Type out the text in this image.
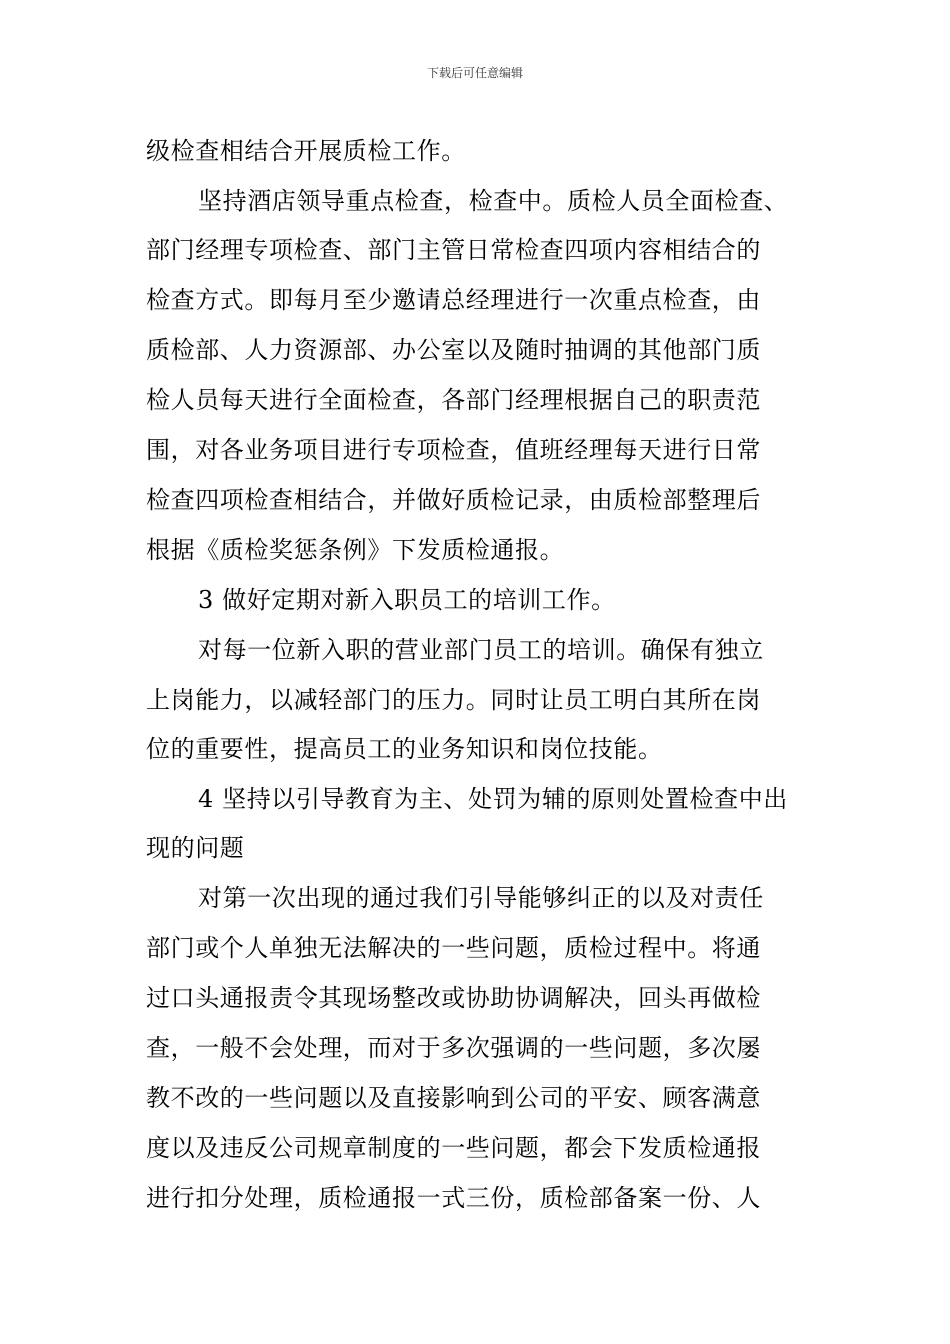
下载后可任意编辑
级检查相结合开展质检工作。
坚持酒店领导重点检查，检查中。质检人员全面检查、
部门经理专项检查、部门主管日常检查四项内容相结合的
检查方式。即每月至少邀请总经理进行一次重点检查，由
质检部、人力资源部、办公室以及随时抽调的其他部门质
检人员每天进行全面检查，各部门经理根据自己的职责范
围，对各业务项目进行专项检查，值班经理每天进行日常
检查四项检查相结合，并做好质检记录，由质检部整理后
根据《质检奖惩条例》下发质检通报。
3 做好定期对新入职员工的培训工作。
对每一位新入职的营业部门员工的培训。确保有独立
上岗能力，以减轻部门的压力。同时让员工明白其所在岗
位的重要性，提高员工的业务知识和岗位技能。
4 坚持以引导教育为主、处罚为辅的原则处置检查中出
现的问题
对第一次出现的通过我们引导能够纠正的以及对责任
部门或个人单独无法解决的一些问题，质检过程中。将通
过口头通报责令其现场整改或协助协调解决，回头再做检
查，一般不会处理，而对于多次强调的一些问题，多次屡
教不改的一些问题以及直接影响到公司的平安、顾客满意
度以及违反公司规章制度的一些问题，都会下发质检通报
进行扣分处理，质检通报一式三份，质检部备案一份、人
